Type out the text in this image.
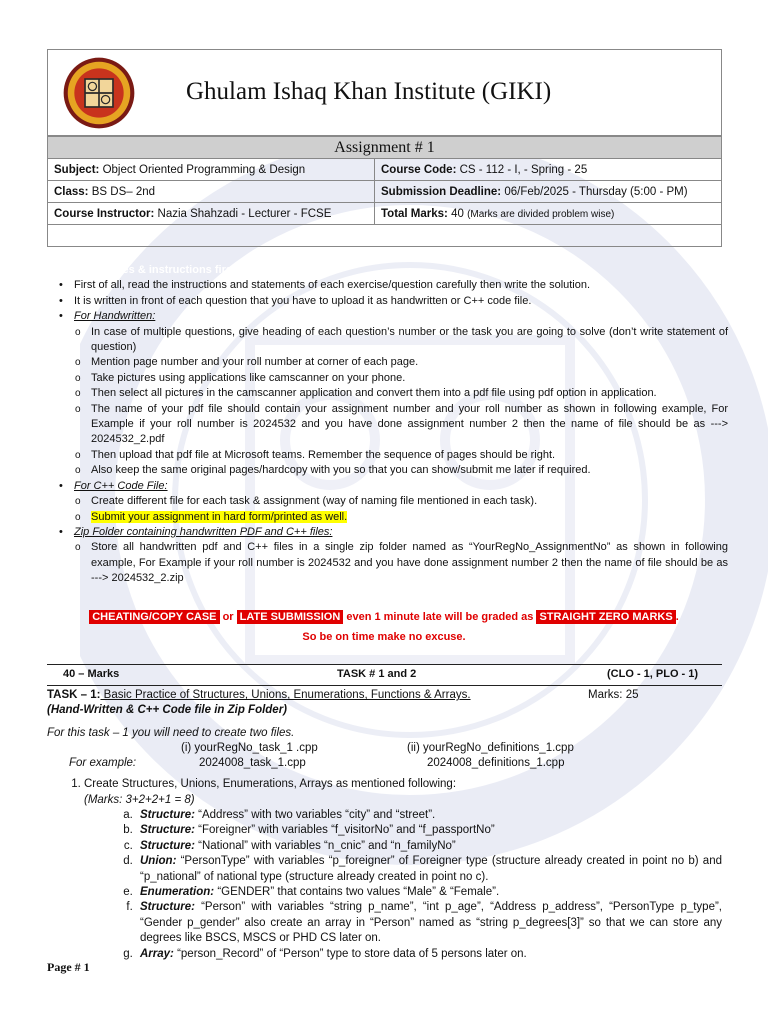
Ghulam Ishaq Khan Institute (GIKI)
Assignment # 1	
Subject: Object Oriented Programming & Design	Course Code: CS - 112 - I, - Spring - 25
Class: BS DS– 2nd	Submission Deadline: 06/Feb/2025 - Thursday (5:00 - PM)
Course Instructor: Nazia Shahzadi - Lecturer - FCSE	Total Marks: 40 (Marks are divided problem wise)

Note (read notes & instructions first)
• First of all, read the instructions and statements of each exercise/question carefully then write the solution.
• It is written in front of each question that you have to upload it as handwritten or C++ code file.
• For Handwritten:
o In case of multiple questions, give heading of each question’s number or the task you are going to solve (don’t write statement of question)
o Mention page number and your roll number at corner of each page.
o Take pictures using applications like camscanner on your phone.
o Then select all pictures in the camscanner application and convert them into a pdf file using pdf option in application.
o The name of your pdf file should contain your assignment number and your roll number as shown in following example, For Example if your roll number is 2024532 and you have done assignment number 2 then the name of file should be as ---> 2024532_2.pdf
o Then upload that pdf file at Microsoft teams. Remember the sequence of pages should be right.
o Also keep the same original pages/hardcopy with you so that you can show/submit me later if required.
• For C++ Code File:
o Create different file for each task & assignment (way of naming file mentioned in each task).
o Submit your assignment in hard form/printed as well.
• Zip Folder containing handwritten PDF and C++ files:
o Store all handwritten pdf and C++ files in a single zip folder named as “YourRegNo_AssignmentNo” as shown in following example, For Example if your roll number is 2024532 and you have done assignment number 2 then the name of file should be as ---> 2024532_2.zip
CHEATING/COPY CASE or LATE SUBMISSION even 1 minute late will be graded as STRAIGHT ZERO MARKS .
So be on time make no excuse.
40 – Marks	TASK # 1 and 2	(CLO - 1, PLO - 1)

TASK – 1: Basic Practice of Structures, Unions, Enumerations, Functions & Arrays.	Marks: 25

(Hand-Written & C++ Code file in Zip Folder)

For this task – 1 you will need to create two files.

(i) yourRegNo_task_1 .cpp	(ii) yourRegNo_definitions_1.cpp

For example:	2024008_task_1.cpp	2024008_definitions_1.cpp

1. Create Structures, Unions, Enumerations, Arrays as mentioned following:
(Marks: 3+2+2+1 = 8)
a. Structure: “Address” with two variables “city” and “street”.
b. Structure: “Foreigner” with variables “f_visitorNo” and “f_passportNo”
c. Structure: “National” with variables “n_cnic” and “n_familyNo”
d. Union: “PersonType” with variables “p_foreigner” of Foreigner type (structure already created in point no b) and “p_national” of national type (structure already created in point no c).
e. Enumeration: “GENDER” that contains two values “Male” & “Female”.
f. Structure: “Person” with variables “string p_name”, “int p_age”, “Address p_address”, “PersonType p_type”, “Gender p_gender” also create an array in “Person” named as “string p_degrees[3]” so that we can store any degrees like BSCS, MSCS or PHD CS later on.
g. Array: “person_Record” of “Person” type to store data of 5 persons later on.
Page # 1
